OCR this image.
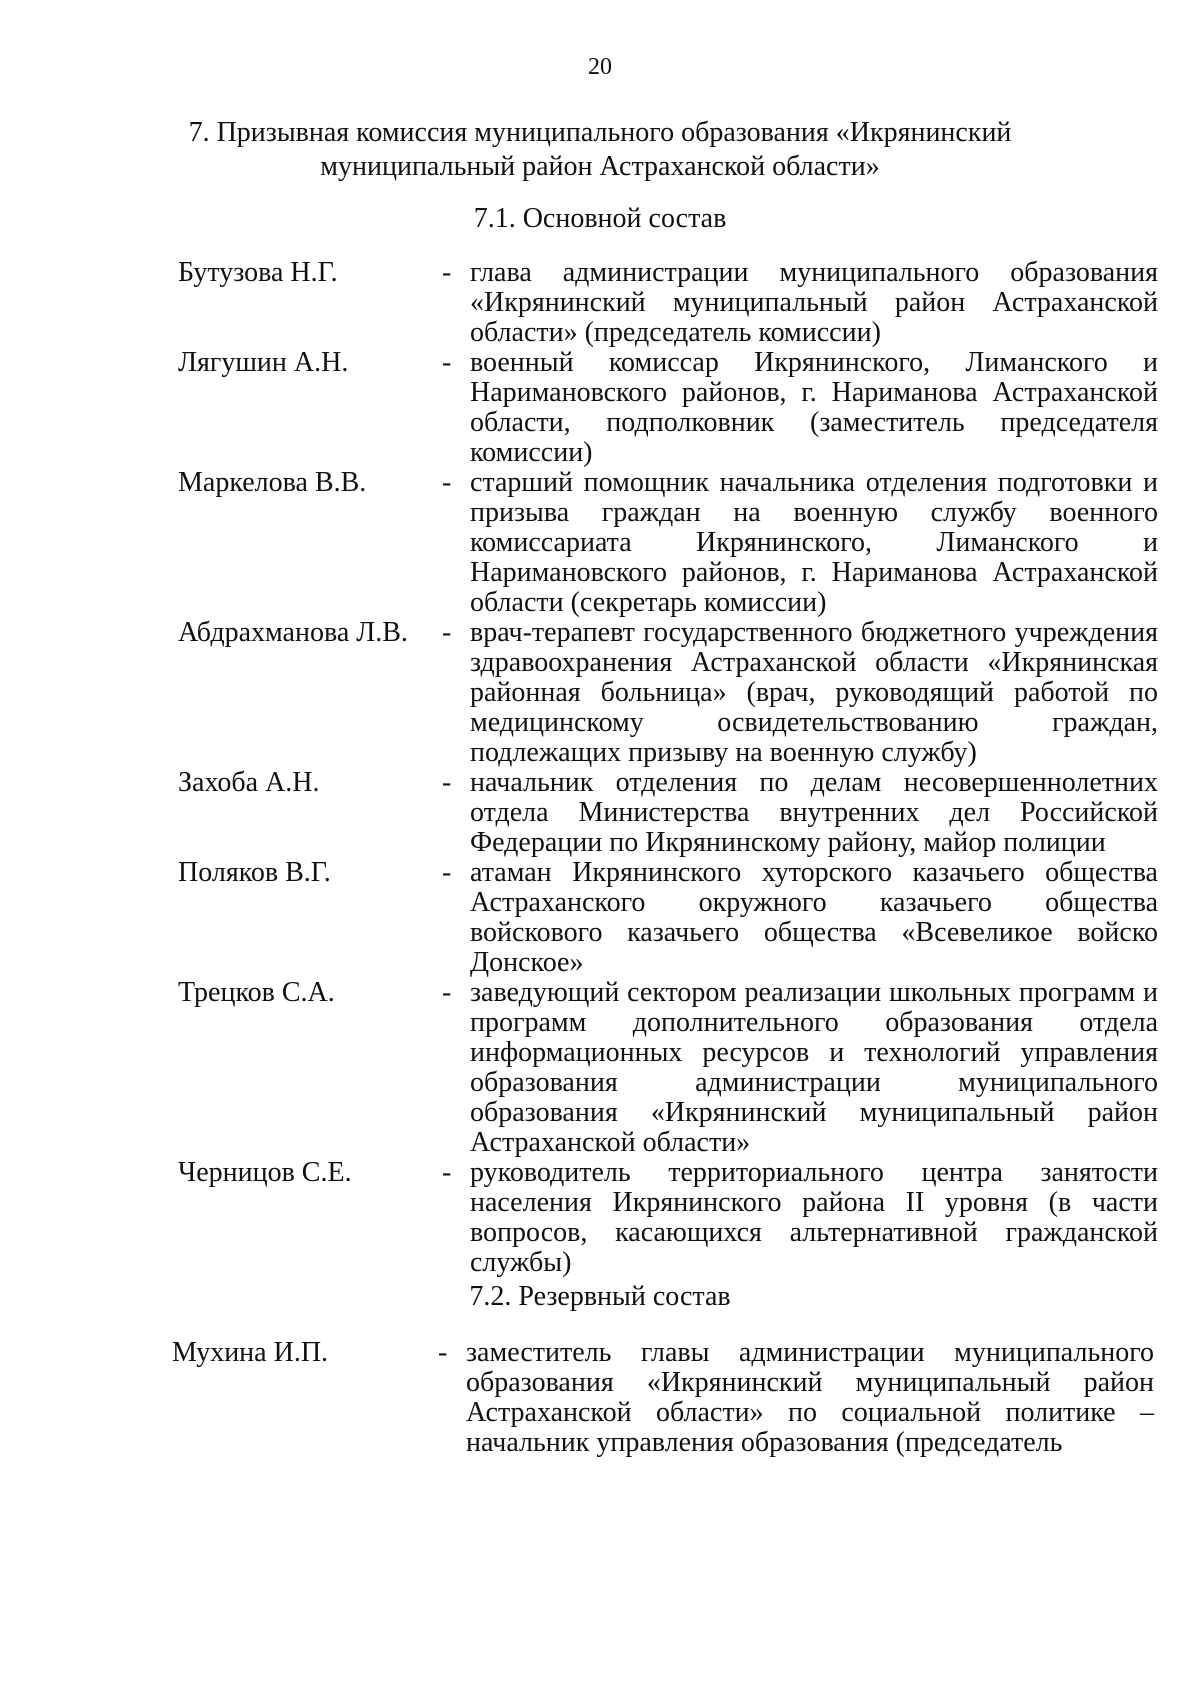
20
7. Призывная комиссия муниципального образования «Икрянинский
муниципальный район Астраханской области»
7.1. Основной состав
Бутузова Н.Г.	- глава администрации муниципального образования «Икрянинский муниципальный район Астраханской области» (председатель комиссии)
Лягушин А.Н.	- военный комиссар Икрянинского, Лиманского и Наримановского районов, г. Нариманова Астраханской области, подполковник (заместитель председателя комиссии)
Маркелова В.В.	- старший помощник начальника отделения подготовки и призыва граждан на военную службу военного комиссариата Икрянинского, Лиманского и Наримановского районов, г. Нариманова Астраханской области (секретарь комиссии)
Абдрахманова Л.В. - врач-терапевт государственного бюджетного учреждения здравоохранения Астраханской области «Икрянинская районная больница» (врач, руководящий работой по медицинскому освидетельствованию граждан, подлежащих призыву на военную службу)
Захоба А.Н.	- начальник отделения по делам несовершеннолетних отдела Министерства внутренних дел Российской Федерации по Икрянинскому району, майор полиции
Поляков В.Г.	- атаман Икрянинского хуторского казачьего общества Астраханского окружного казачьего общества войскового казачьего общества «Всевеликое войско Донское»
Трецков С.А.	- заведующий сектором реализации школьных программ и программ дополнительного образования отдела информационных ресурсов и технологий управления образования администрации муниципального образования «Икрянинский муниципальный район Астраханской области»
Черницов С.Е.	- руководитель территориального центра занятости населения Икрянинского района II уровня (в части вопросов, касающихся альтернативной гражданской службы)
7.2. Резервный состав
Мухина И.П.	- заместитель главы администрации муниципального образования «Икрянинский муниципальный район Астраханской области» по социальной политике – начальник управления образования (председатель
